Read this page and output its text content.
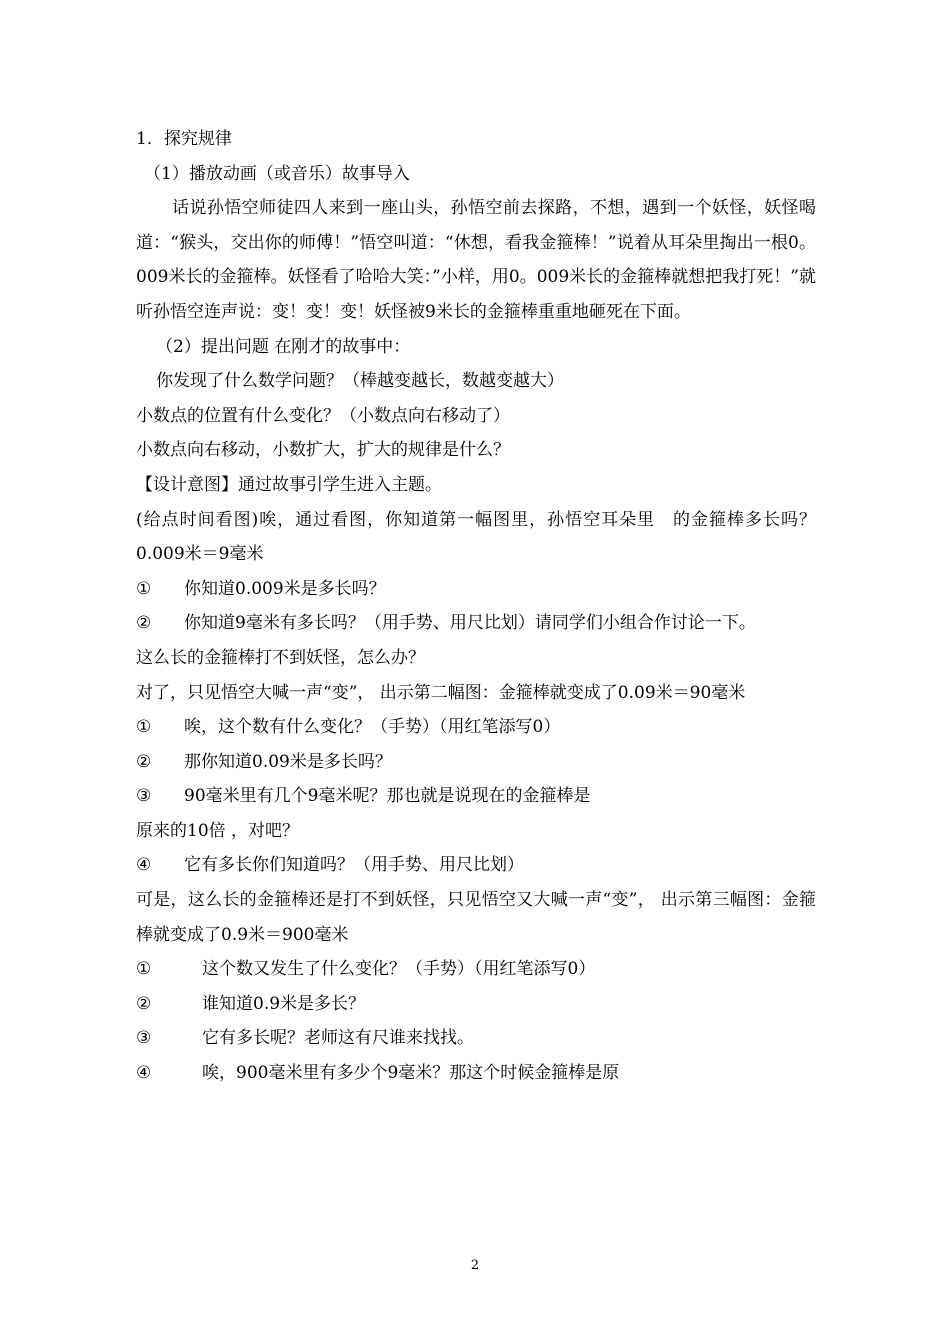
1．探究规律

（1）播放动画（或音乐）故事导入

话说孙悟空师徒四人来到一座山头，孙悟空前去探路，不想，遇到一个妖怪，妖怪喝道：“猴头，交出你的师傅！”悟空叫道：“休想，看我金箍棒！”说着从耳朵里掏出一根0。009米长的金箍棒。妖怪看了哈哈大笑：”小样，用0。009米长的金箍棒就想把我打死！”就听孙悟空连声说：变！变！变！妖怪被9米长的金箍棒重重地砸死在下面。

（2）提出问题 在刚才的故事中：

你发现了什么数学问题？（棒越变越长，数越变越大）

小数点的位置有什么变化？（小数点向右移动了）

小数点向右移动，小数扩大，扩大的规律是什么？

【设计意图】通过故事引学生进入主题。

(给点时间看图)唉，通过看图，你知道第一幅图里，孙悟空耳朵里　的金箍棒多长吗？0.009米＝9毫米

①	你知道0.009米是多长吗？
②	你知道9毫米有多长吗？（用手势、用尺比划）请同学们小组合作讨论一下。

这么长的金箍棒打不到妖怪，怎么办？

对了，只见悟空大喊一声“变”， 出示第二幅图：金箍棒就变成了0.09米＝90毫米

①	唉，这个数有什么变化？（手势）（用红笔添写0）
②	那你知道0.09米是多长吗？
③	90毫米里有几个9毫米呢？那也就是说现在的金箍棒是

原来的10倍 ，对吧？

④	它有多长你们知道吗？（用手势、用尺比划）

可是，这么长的金箍棒还是打不到妖怪，只见悟空又大喊一声“变”， 出示第三幅图：金箍棒就变成了0.9米＝900毫米

①	这个数又发生了什么变化？（手势）（用红笔添写0）
②	谁知道0.9米是多长？
③	它有多长呢？老师这有尺谁来找找。
④	唉，900毫米里有多少个9毫米？那这个时候金箍棒是原
2
